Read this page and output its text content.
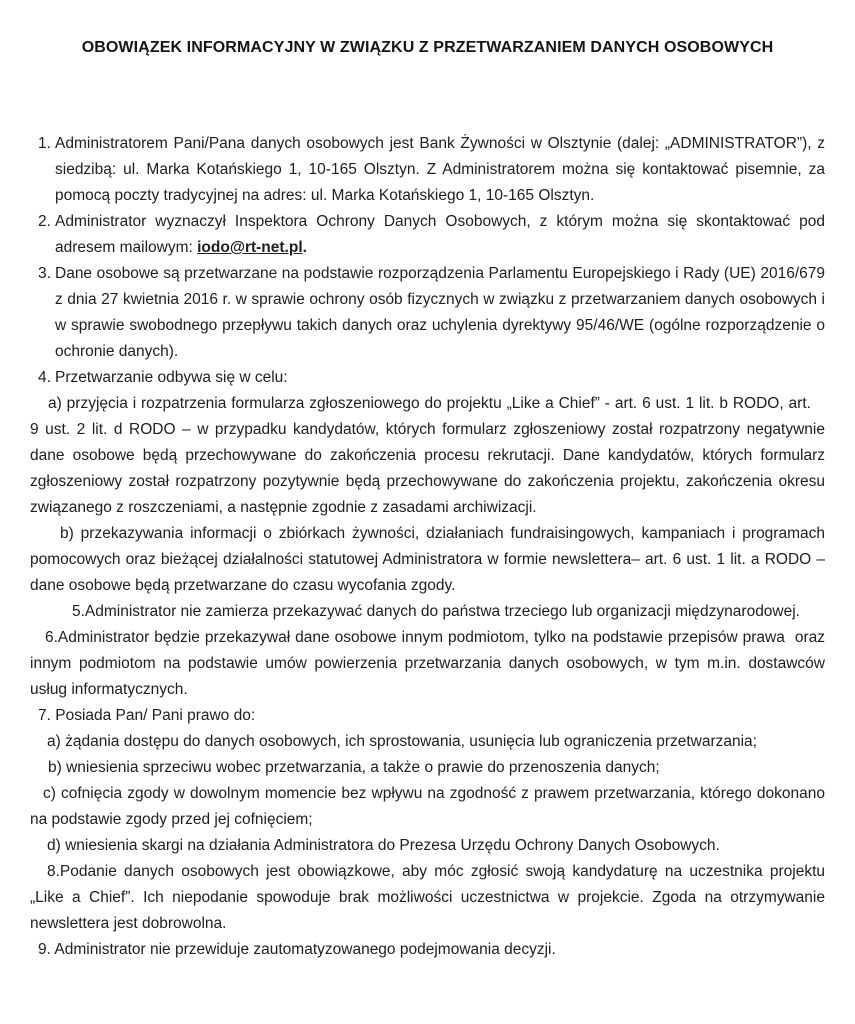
OBOWIĄZEK INFORMACYJNY W ZWIĄZKU Z PRZETWARZANIEM DANYCH OSOBOWYCH
1. Administratorem Pani/Pana danych osobowych jest Bank Żywności w Olsztynie (dalej: „ADMINISTRATOR”), z siedzibą: ul. Marka Kotańskiego 1, 10-165 Olsztyn. Z Administratorem można się kontaktować pisemnie, za pomocą poczty tradycyjnej na adres: ul. Marka Kotańskiego 1, 10-165 Olsztyn.
2. Administrator wyznaczył Inspektora Ochrony Danych Osobowych, z którym można się skontaktować pod adresem mailowym: iodo@rt-net.pl.
3. Dane osobowe są przetwarzane na podstawie rozporządzenia Parlamentu Europejskiego i Rady (UE) 2016/679 z dnia 27 kwietnia 2016 r. w sprawie ochrony osób fizycznych w związku z przetwarzaniem danych osobowych i w sprawie swobodnego przepływu takich danych oraz uchylenia dyrektywy 95/46/WE (ogólne rozporządzenie o ochronie danych).
4. Przetwarzanie odbywa się w celu:

a) przyjęcia i rozpatrzenia formularza zgłoszeniowego do projektu „Like a Chief” - art. 6 ust. 1 lit. b RODO, art.    9 ust. 2 lit. d RODO – w przypadku kandydatów, których formularz zgłoszeniowy został rozpatrzony negatywnie dane osobowe będą przechowywane do zakończenia procesu rekrutacji. Dane kandydatów, których formularz zgłoszeniowy został rozpatrzony pozytywnie będą przechowywane do zakończenia projektu, zakończenia okresu związanego z roszczeniami, a następnie zgodnie z zasadami archiwizacji.

b) przekazywania informacji o zbiórkach żywności, działaniach fundraisingowych, kampaniach i programach pomocowych oraz bieżącej działalności statutowej Administratora w formie newslettera– art. 6 ust. 1 lit. a RODO – dane osobowe będą przetwarzane do czasu wycofania zgody.

5.Administrator nie zamierza przekazywać danych do państwa trzeciego lub organizacji międzynarodowej.

6.Administrator będzie przekazywał dane osobowe innym podmiotom, tylko na podstawie przepisów prawa  oraz innym podmiotom na podstawie umów powierzenia przetwarzania danych osobowych, w tym m.in. dostawców usług informatycznych.

7. Posiada Pan/ Pani prawo do:

a) żądania dostępu do danych osobowych, ich sprostowania, usunięcia lub ograniczenia przetwarzania;

b) wniesienia sprzeciwu wobec przetwarzania, a także o prawie do przenoszenia danych;

c) cofnięcia zgody w dowolnym momencie bez wpływu na zgodność z prawem przetwarzania, którego dokonano na podstawie zgody przed jej cofnięciem;

d) wniesienia skargi na działania Administratora do Prezesa Urzędu Ochrony Danych Osobowych.

8.Podanie danych osobowych jest obowiązkowe, aby móc zgłosić swoją kandydaturę na uczestnika projektu „Like a Chief”. Ich niepodanie spowoduje brak możliwości uczestnictwa w projekcie. Zgoda na otrzymywanie newslettera jest dobrowolna.

9. Administrator nie przewiduje zautomatyzowanego podejmowania decyzji.
